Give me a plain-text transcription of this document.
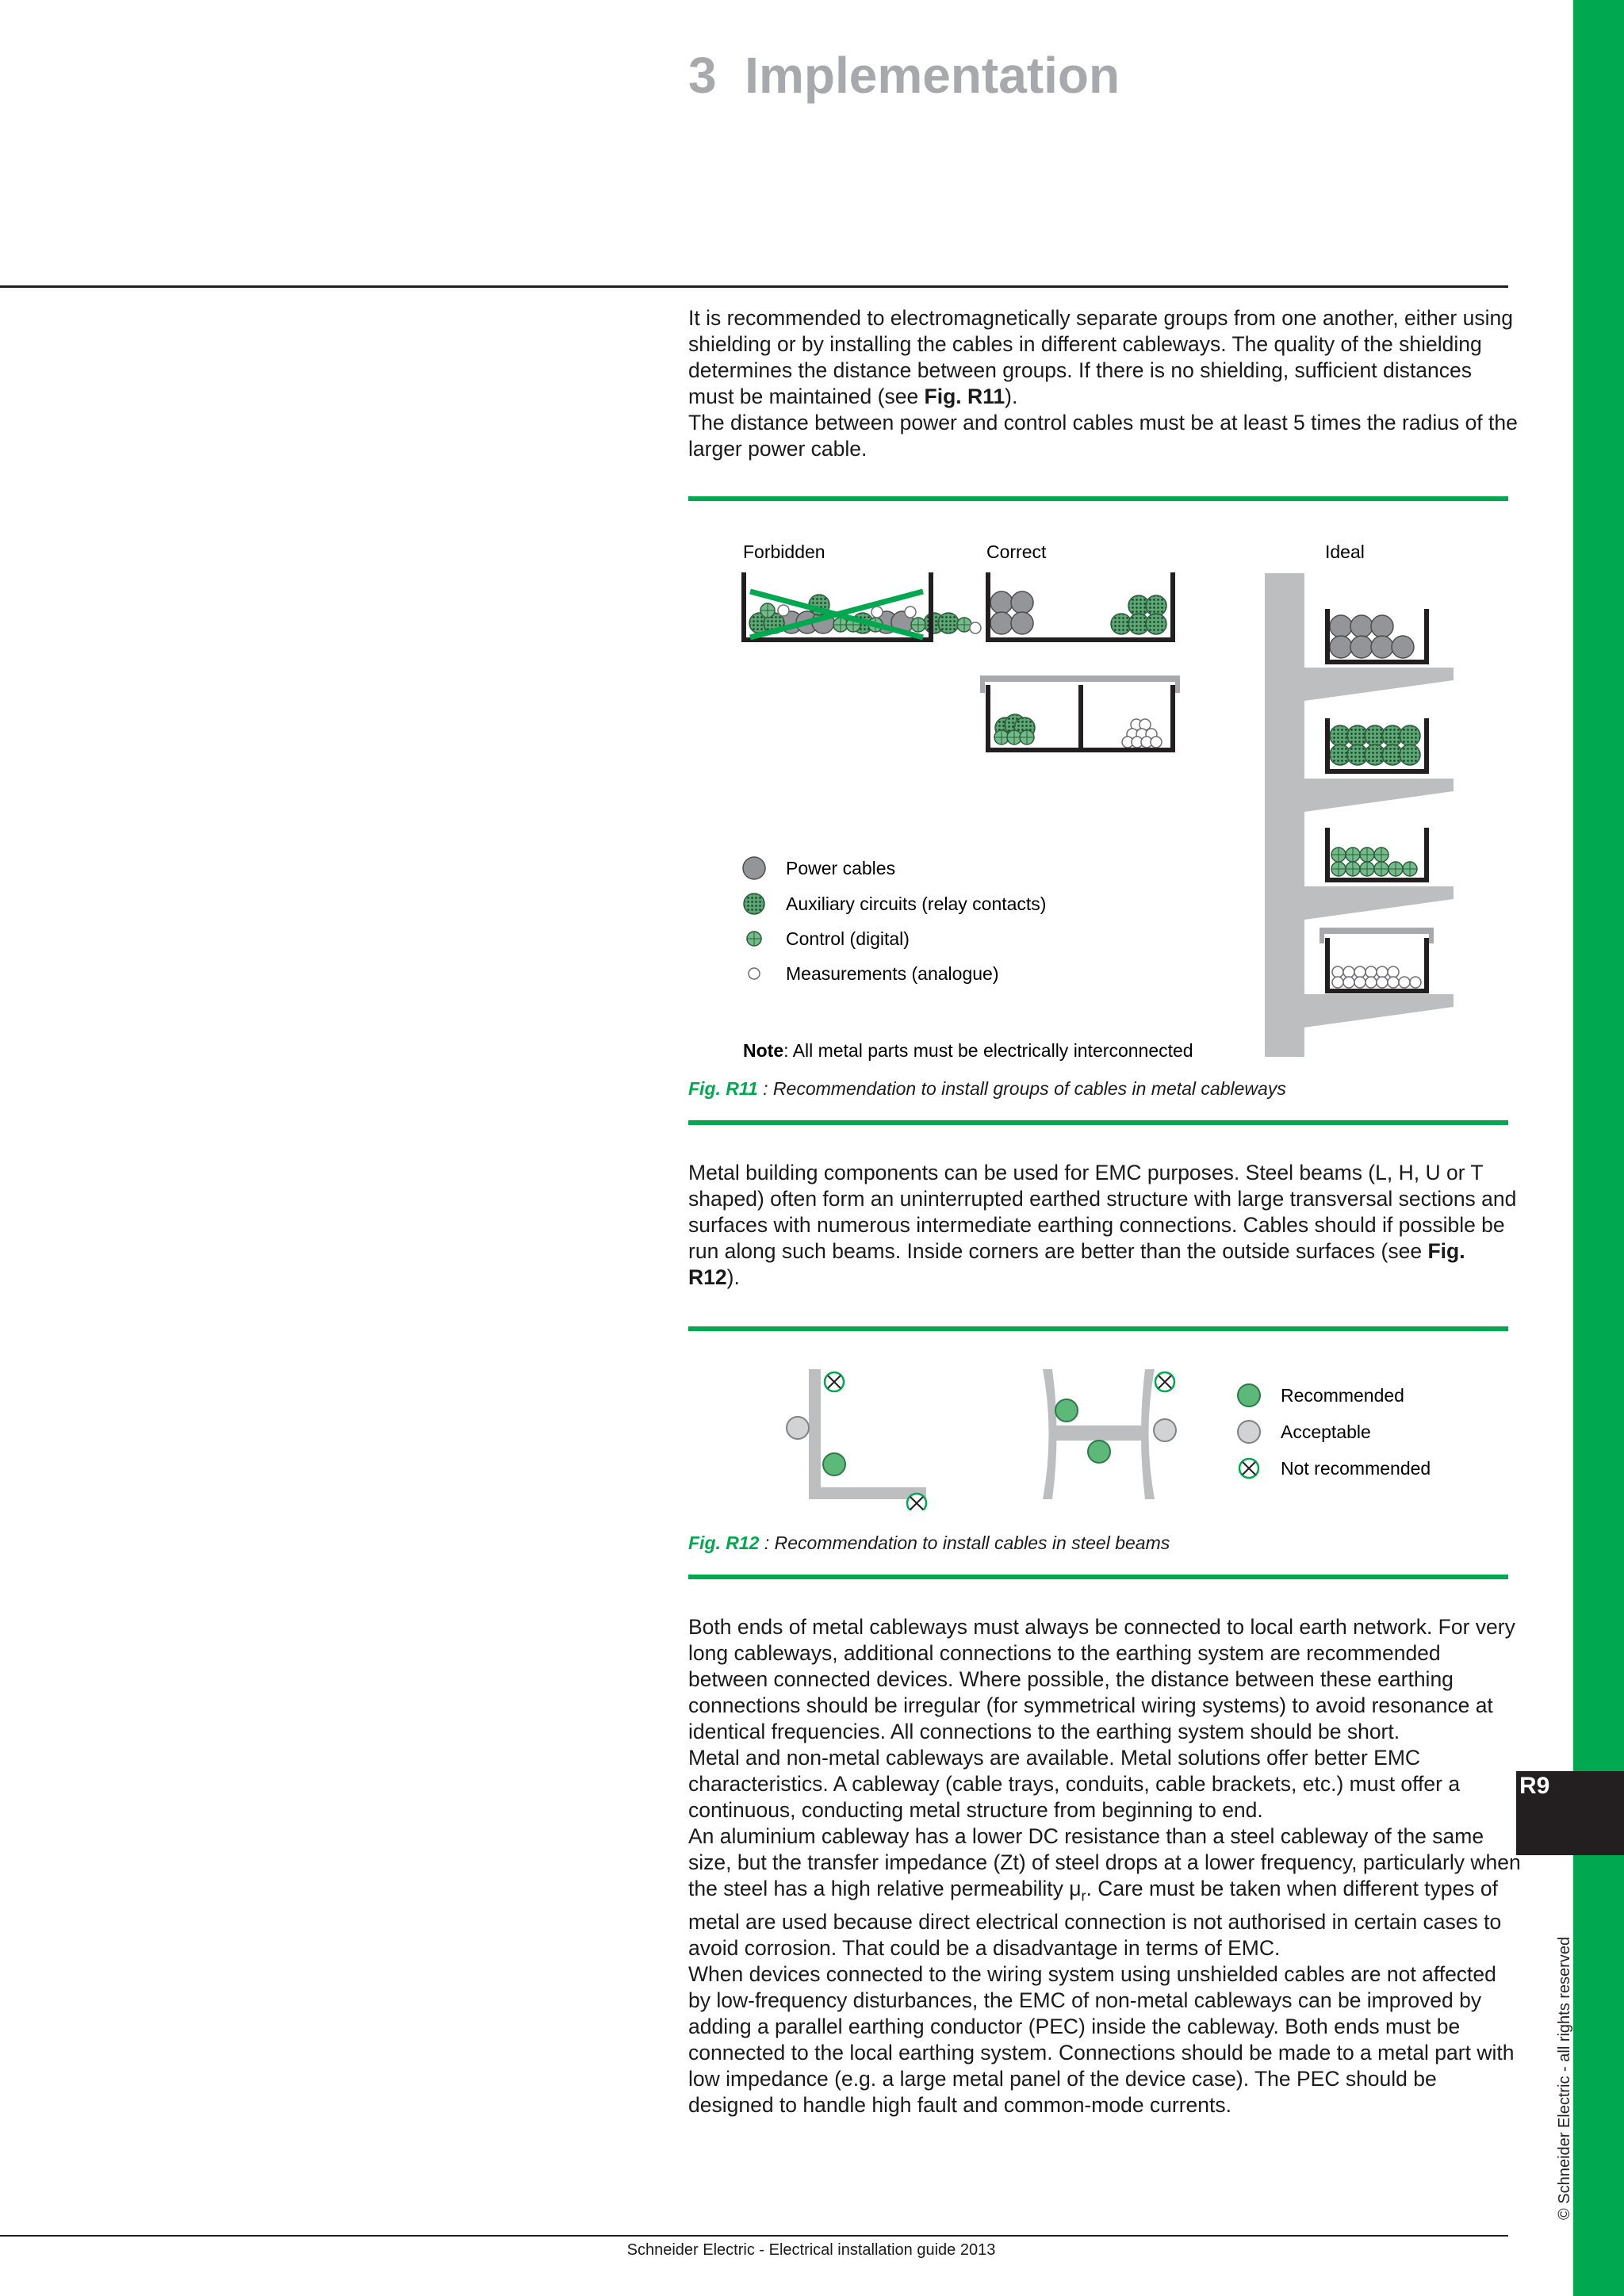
R9
© Schneider Electric - all rights reserved
3 Implementation

It is recommended to electromagnetically separate groups from one another, either using shielding or by installing the cables in different cableways. The quality of the shielding determines the distance between groups. If there is no shielding, sufficient distances must be maintained (see Fig. R11).

The distance between power and control cables must be at least 5 times the radius of the larger power cable.

Forbidden	Correct	Ideal
Power cables
Auxiliary circuits (relay contacts)
Control (digital)
Measurements (analogue)
Note: All metal parts must be electrically interconnected
Fig. R11 : Recommendation to install groups of cables in metal cableways

Metal building components can be used for EMC purposes. Steel beams (L, H, U or T shaped) often form an uninterrupted earthed structure with large transversal sections and surfaces with numerous intermediate earthing connections. Cables should if possible be run along such beams. Inside corners are better than the outside surfaces (see Fig. R12).

Recommended
Acceptable
Not recommended
Fig. R12 : Recommendation to install cables in steel beams

Both ends of metal cableways must always be connected to local earth network. For very long cableways, additional connections to the earthing system are recommended between connected devices. Where possible, the distance between these earthing connections should be irregular (for symmetrical wiring systems) to avoid resonance at identical frequencies. All connections to the earthing system should be short.

Metal and non-metal cableways are available. Metal solutions offer better EMC characteristics. A cableway (cable trays, conduits, cable brackets, etc.) must offer a continuous, conducting metal structure from beginning to end.

An aluminium cableway has a lower DC resistance than a steel cableway of the same size, but the transfer impedance (Zt) of steel drops at a lower frequency, particularly when the steel has a high relative permeability $\mu_r$. Care must be taken when different types of metal are used because direct electrical connection is not authorised in certain cases to avoid corrosion. That could be a disadvantage in terms of EMC.

When devices connected to the wiring system using unshielded cables are not affected by low-frequency disturbances, the EMC of non-metal cableways can be improved by adding a parallel earthing conductor (PEC) inside the cableway. Both ends must be connected to the local earthing system. Connections should be made to a metal part with low impedance (e.g. a large metal panel of the device case). The PEC should be designed to handle high fault and common-mode currents.

Schneider Electric - Electrical installation guide 2013
